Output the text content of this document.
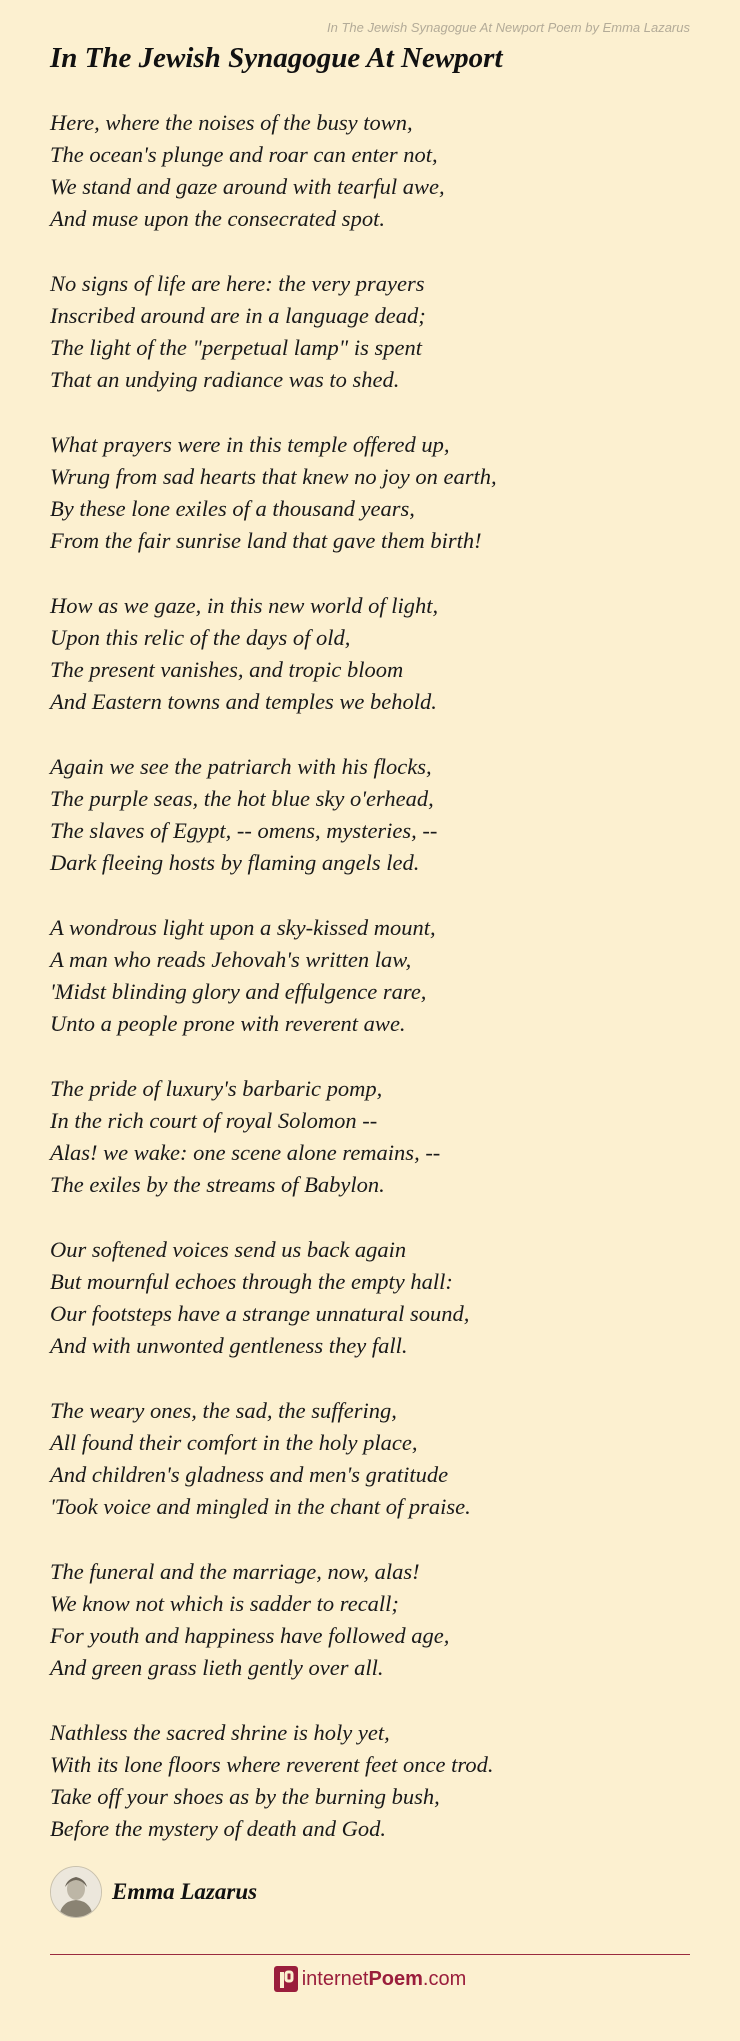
In The Jewish Synagogue At Newport Poem by Emma Lazarus
In The Jewish Synagogue At Newport

Here, where the noises of the busy town,
The ocean's plunge and roar can enter not,
We stand and gaze around with tearful awe,
And muse upon the consecrated spot.

No signs of life are here: the very prayers
Inscribed around are in a language dead;
The light of the "perpetual lamp" is spent
That an undying radiance was to shed.

What prayers were in this temple offered up,
Wrung from sad hearts that knew no joy on earth,
By these lone exiles of a thousand years,
From the fair sunrise land that gave them birth!

How as we gaze, in this new world of light,
Upon this relic of the days of old,
The present vanishes, and tropic bloom
And Eastern towns and temples we behold.

Again we see the patriarch with his flocks,
The purple seas, the hot blue sky o'erhead,
The slaves of Egypt, -- omens, mysteries, --
Dark fleeing hosts by flaming angels led.

A wondrous light upon a sky-kissed mount,
A man who reads Jehovah's written law,
'Midst blinding glory and effulgence rare,
Unto a people prone with reverent awe.

The pride of luxury's barbaric pomp,
In the rich court of royal Solomon --
Alas! we wake: one scene alone remains, --
The exiles by the streams of Babylon.

Our softened voices send us back again
But mournful echoes through the empty hall:
Our footsteps have a strange unnatural sound,
And with unwonted gentleness they fall.

The weary ones, the sad, the suffering,
All found their comfort in the holy place,
And children's gladness and men's gratitude
'Took voice and mingled in the chant of praise.

The funeral and the marriage, now, alas!
We know not which is sadder to recall;
For youth and happiness have followed age,
And green grass lieth gently over all.

Nathless the sacred shrine is holy yet,
With its lone floors where reverent feet once trod.
Take off your shoes as by the burning bush,
Before the mystery of death and God.

Emma Lazarus
internet Poem .com
